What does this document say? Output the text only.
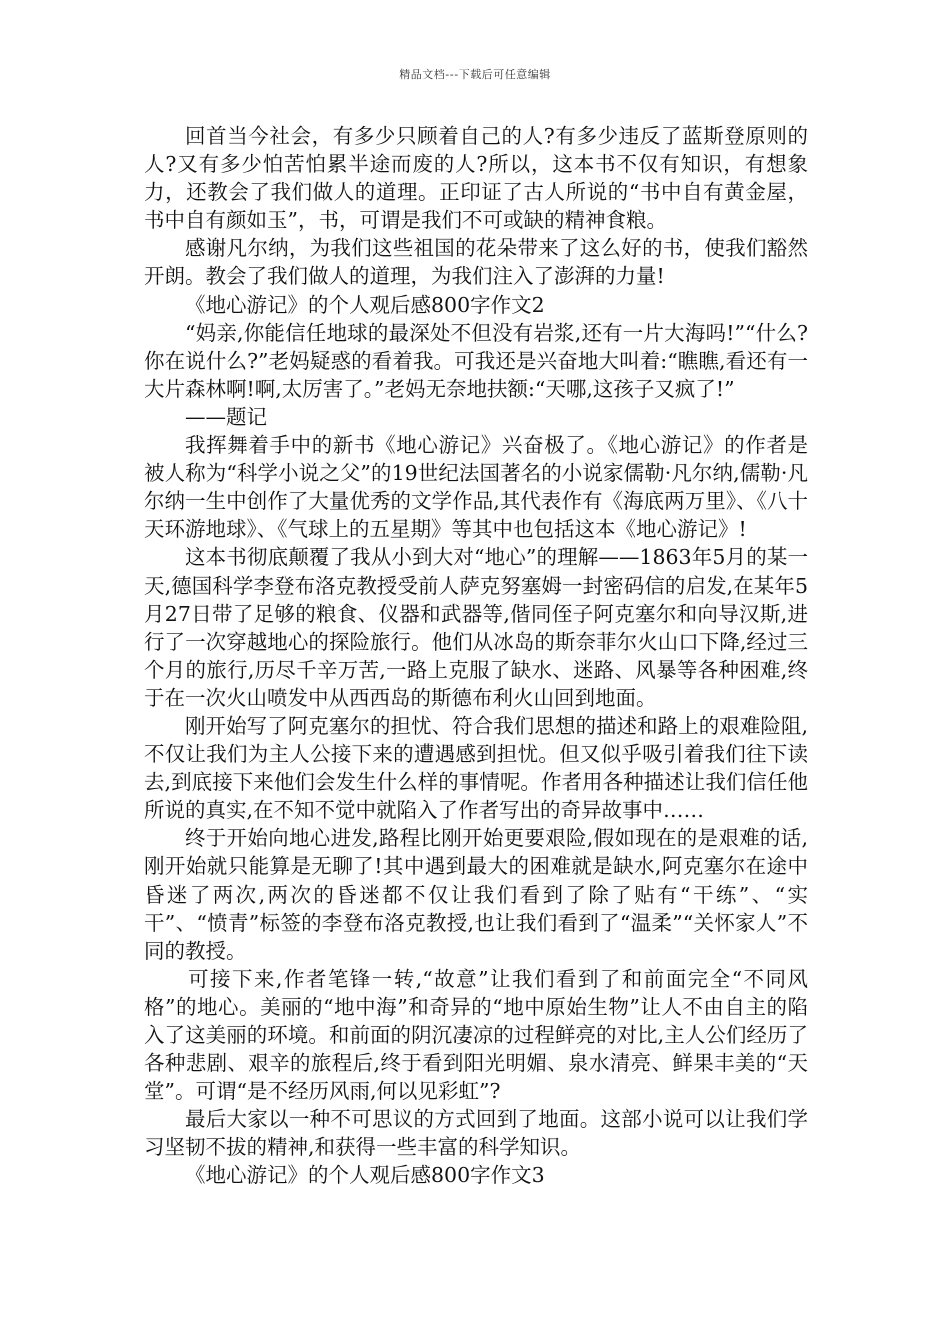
精品文档---下载后可任意编辑

回首当今社会，有多少只顾着自己的人?有多少违反了蓝斯登原则的人?又有多少怕苦怕累半途而废的人?所以，这本书不仅有知识，有想象力，还教会了我们做人的道理。正印证了古人所说的“书中自有黄金屋，书中自有颜如玉”，书，可谓是我们不可或缺的精神食粮。

感谢凡尔纳，为我们这些祖国的花朵带来了这么好的书，使我们豁然开朗。教会了我们做人的道理，为我们注入了澎湃的力量!

《地心游记》的个人观后感800字作文2

“妈亲,你能信任地球的最深处不但没有岩浆,还有一片大海吗!”“什么?你在说什么?”老妈疑惑的看着我。可我还是兴奋地大叫着:“瞧瞧,看还有一大片森林啊!啊,太厉害了。”老妈无奈地扶额:“天哪,这孩子又疯了!”

——题记

我挥舞着手中的新书《地心游记》兴奋极了。《地心游记》的作者是被人称为“科学小说之父”的19世纪法国著名的小说家儒勒·凡尔纳,儒勒·凡尔纳一生中创作了大量优秀的文学作品,其代表作有《海底两万里》、《八十天环游地球》、《气球上的五星期》等其中也包括这本《地心游记》!

这本书彻底颠覆了我从小到大对“地心”的理解——1863年5月的某一天,德国科学李登布洛克教授受前人萨克努塞姆一封密码信的启发,在某年5月27日带了足够的粮食、仪器和武器等,偕同侄子阿克塞尔和向导汉斯,进行了一次穿越地心的探险旅行。他们从冰岛的斯奈菲尔火山口下降,经过三个月的旅行,历尽千辛万苦,一路上克服了缺水、迷路、风暴等各种困难,终于在一次火山喷发中从西西岛的斯德布利火山回到地面。

刚开始写了阿克塞尔的担忧、符合我们思想的描述和路上的艰难险阻,不仅让我们为主人公接下来的遭遇感到担忧。但又似乎吸引着我们往下读去,到底接下来他们会发生什么样的事情呢。作者用各种描述让我们信任他所说的真实,在不知不觉中就陷入了作者写出的奇异故事中……

终于开始向地心进发,路程比刚开始更要艰险,假如现在的是艰难的话,刚开始就只能算是无聊了!其中遇到最大的困难就是缺水,阿克塞尔在途中昏迷了两次,两次的昏迷都不仅让我们看到了除了贴有“干练”、“实干”、“愤青”标签的李登布洛克教授,也让我们看到了“温柔”“关怀家人”不同的教授。

可接下来,作者笔锋一转,“故意”让我们看到了和前面完全“不同风格”的地心。美丽的“地中海”和奇异的“地中原始生物”让人不由自主的陷入了这美丽的环境。和前面的阴沉凄凉的过程鲜亮的对比,主人公们经历了各种悲剧、艰辛的旅程后,终于看到阳光明媚、泉水清亮、鲜果丰美的“天堂”。可谓“是不经历风雨,何以见彩虹”?

最后大家以一种不可思议的方式回到了地面。这部小说可以让我们学习坚韧不拔的精神,和获得一些丰富的科学知识。

《地心游记》的个人观后感800字作文3
